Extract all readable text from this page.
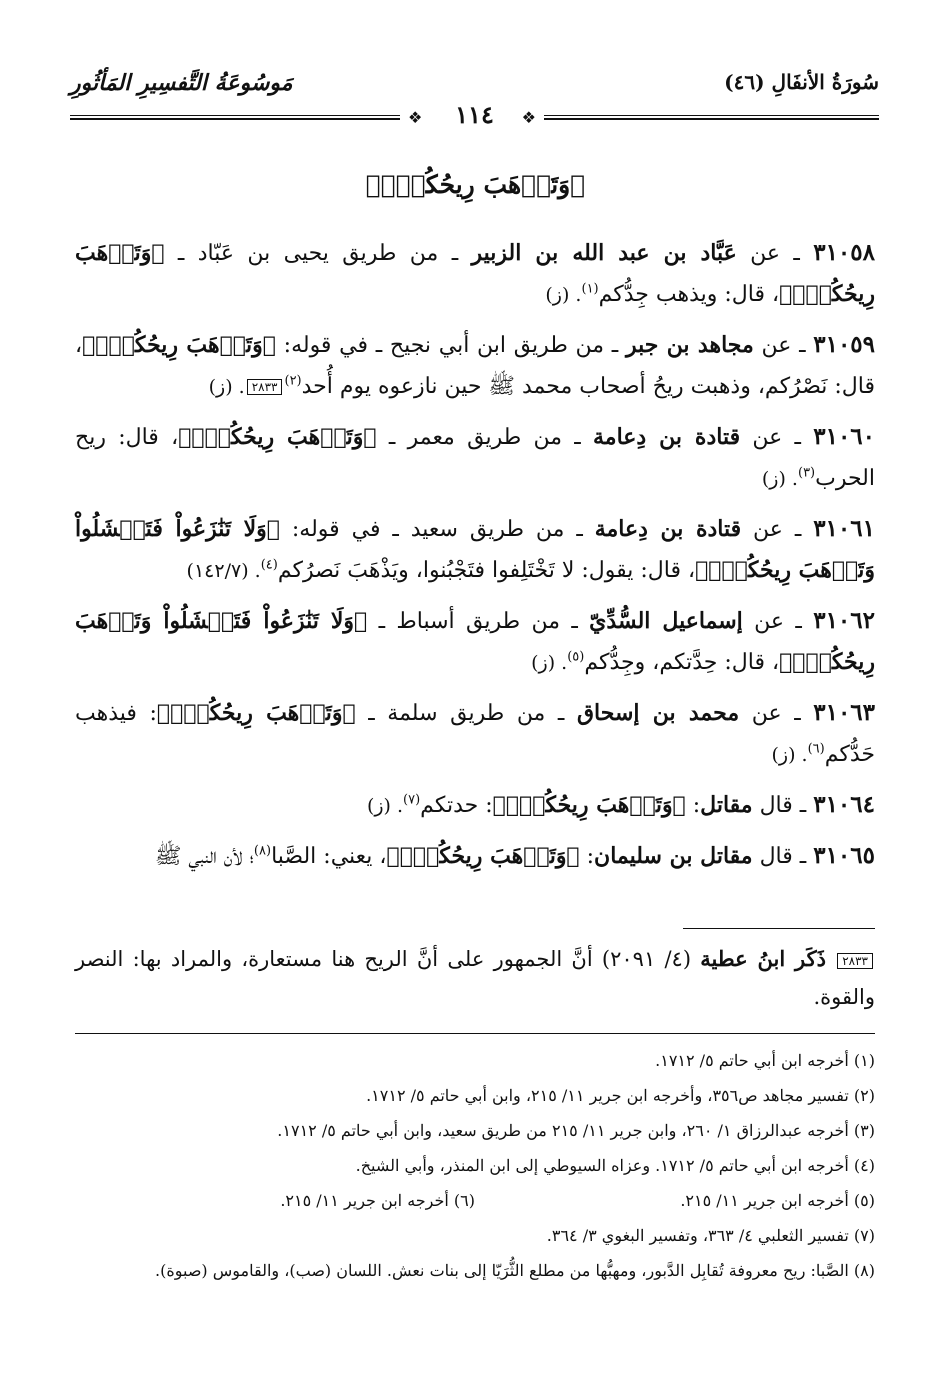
سُورَةُ الأنفَالِ (٤٦)
مَوسُوعَةُ التَّفسِيرِ المَأثُورِ
❖
١١٤
❖
﴿وَتَذۡهَبَ رِيحُكُمۡۖ﴾

٣١٠٥٨ ـ عن عَبَّاد بن عبد الله بن الزبير ـ من طريق يحيى بن عَبّاد ـ ﴿وَتَذۡهَبَ رِيحُكُمۡۖ﴾، قال: ويذهب جِدُّكم$^{(١)}$. (ز)

٣١٠٥٩ ـ عن مجاهد بن جبر ـ من طريق ابن أبي نجيح ـ في قوله: ﴿وَتَذۡهَبَ رِيحُكُمۡۖ﴾، قال: نَصْرُكم، وذهبت ريحُ أصحاب محمد ﷺ حين نازعوه يوم أُحد$^{(٢)}$٢٨٣٣. (ز)

٣١٠٦٠ ـ عن قتادة بن دِعامة ـ من طريق معمر ـ ﴿وَتَذۡهَبَ رِيحُكُمۡۖ﴾، قال: ريح الحرب$^{(٣)}$. (ز)

٣١٠٦١ ـ عن قتادة بن دِعامة ـ من طريق سعيد ـ في قوله: ﴿وَلَا تَنَٰزَعُواْ فَتَفۡشَلُواْ وَتَذۡهَبَ رِيحُكُمۡۖ﴾، قال: يقول: لا تَخْتَلِفوا فتَجْبُنوا، ويَذْهَبَ نَصرُكم$^{(٤)}$. (١٤٢/٧)

٣١٠٦٢ ـ عن إسماعيل السُّدِّيّ ـ من طريق أسباط ـ ﴿وَلَا تَنَٰزَعُواْ فَتَفۡشَلُواْ وَتَذۡهَبَ رِيحُكُمۡۖ﴾، قال: حِدَّتكم، وجِدُّكم$^{(٥)}$. (ز)

٣١٠٦٣ ـ عن محمد بن إسحاق ـ من طريق سلمة ـ ﴿وَتَذۡهَبَ رِيحُكُمۡۖ﴾: فيذهب حَدُّكم$^{(٦)}$. (ز)

٣١٠٦٤ ـ قال مقاتل: ﴿وَتَذۡهَبَ رِيحُكُمۡۖ﴾: حدتكم$^{(٧)}$. (ز)

٣١٠٦٥ ـ قال مقاتل بن سليمان: ﴿وَتَذۡهَبَ رِيحُكُمۡۖ﴾، يعني: الصَّبا$^{(٨)}$؛ لأن النبي ﷺ

٢٨٣٣ ذَكَر ابنُ عطية (٤/ ٢٠٩١) أنَّ الجمهور على أنَّ الريح هنا مستعارة، والمراد بها: النصر والقوة.

(١) أخرجه ابن أبي حاتم ٥/ ١٧١٢.

(٢) تفسير مجاهد ص٣٥٦، وأخرجه ابن جرير ١١/ ٢١٥، وابن أبي حاتم ٥/ ١٧١٢.

(٣) أخرجه عبدالرزاق ١/ ٢٦٠، وابن جرير ١١/ ٢١٥ من طريق سعيد، وابن أبي حاتم ٥/ ١٧١٢.

(٤) أخرجه ابن أبي حاتم ٥/ ١٧١٢. وعزاه السيوطي إلى ابن المنذر، وأبي الشيخ.

(٥) أخرجه ابن جرير ١١/ ٢١٥.

(٦) أخرجه ابن جرير ١١/ ٢١٥.

(٧) تفسير الثعلبي ٤/ ٣٦٣، وتفسير البغوي ٣/ ٣٦٤.

(٨) الصَّبا: ريح معروفة تُقابِل الدَّبور، ومهبُّها من مطلع الثُّرَيّا إلى بنات نعش. اللسان (صب)، والقاموس (صبوة).
